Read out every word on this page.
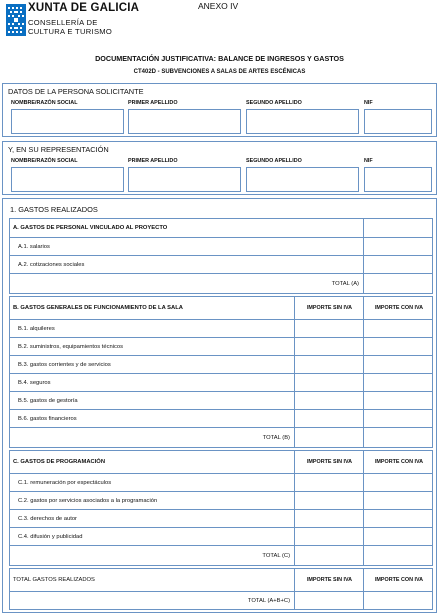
XUNTA DE GALICIA
CONSELLERÍA DE
CULTURA E TURISMO
ANEXO IV
DOCUMENTACIÓN JUSTIFICATIVA: BALANCE DE INGRESOS Y GASTOS
CT402D - SUBVENCIONES A SALAS DE ARTES ESCÉNICAS
DATOS DE LA PERSONA SOLICITANTE
NOMBRE/RAZÓN SOCIAL	PRIMER APELLIDO	SEGUNDO APELLIDO	NIF
Y, EN SU REPRESENTACIÓN
NOMBRE/RAZÓN SOCIAL	PRIMER APELLIDO	SEGUNDO APELLIDO	NIF
1. GASTOS REALIZADOS
A. GASTOS DE PERSONAL VINCULADO AL PROYECTO
A.1. salarios
A.2. cotizaciones sociales
TOTAL (A)
B. GASTOS GENERALES DE FUNCIONAMIENTO DE LA SALA	IMPORTE SIN IVA	IMPORTE CON IVA
B.1. alquileres
B.2. suministros, equipamientos técnicos
B.3. gastos corrientes y de servicios
B.4. seguros
B.5. gastos de gestoría
B.6. gastos financieros
TOTAL (B)
C. GASTOS DE PROGRAMACIÓN	IMPORTE SIN IVA	IMPORTE CON IVA
C.1. remuneración por espectáculos
C.2. gastos por servicios asociados a la programación
C.3. derechos de autor
C.4. difusión y publicidad
TOTAL (C)
TOTAL GASTOS REALIZADOS	IMPORTE SIN IVA	IMPORTE CON IVA
TOTAL (A+B+C)
